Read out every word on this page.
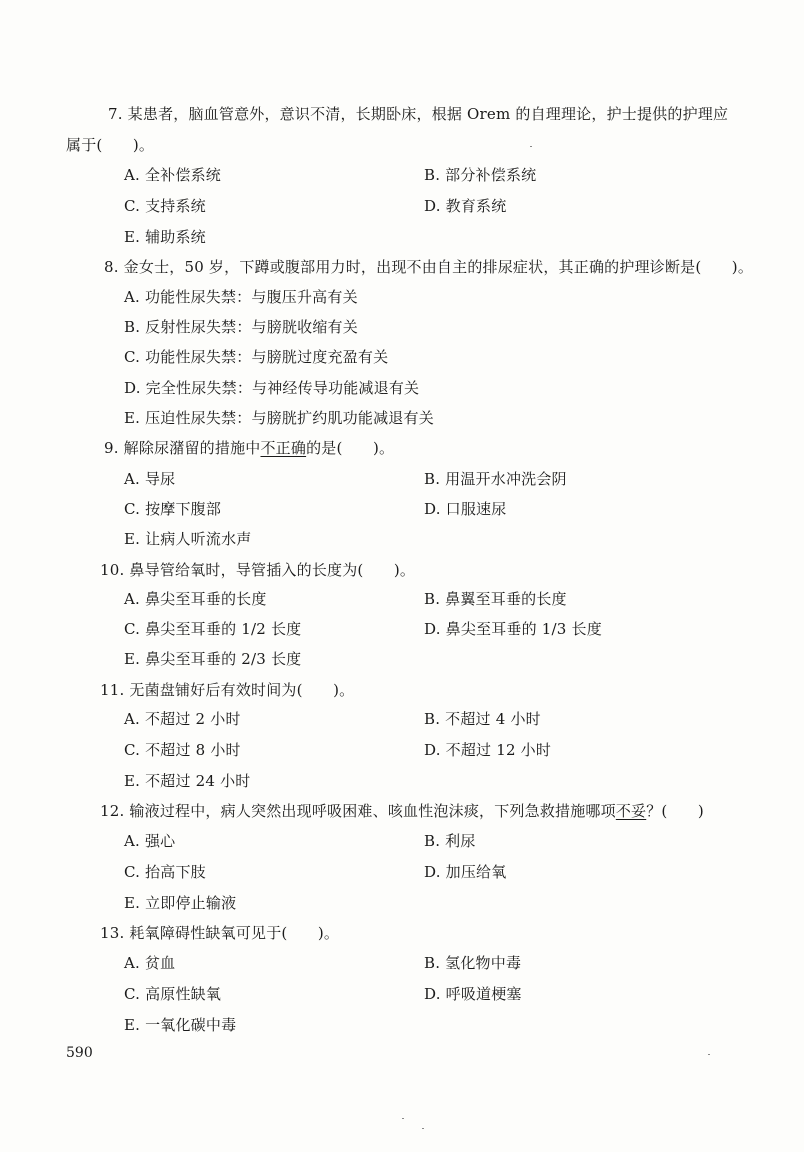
7. 某患者，脑血管意外，意识不清，长期卧床，根据 Orem 的自理理论，护士提供的护理应
属于(　　)。
A. 全补偿系统	B. 部分补偿系统
C. 支持系统	D. 教育系统
E. 辅助系统
8. 金女士，50 岁，下蹲或腹部用力时，出现不由自主的排尿症状，其正确的护理诊断是(　　)。
A. 功能性尿失禁：与腹压升高有关
B. 反射性尿失禁：与膀胱收缩有关
C. 功能性尿失禁：与膀胱过度充盈有关
D. 完全性尿失禁：与神经传导功能减退有关
E. 压迫性尿失禁：与膀胱扩约肌功能减退有关
9. 解除尿潴留的措施中不正确的是(　　)。
A. 导尿	B. 用温开水冲洗会阴
C. 按摩下腹部	D. 口服速尿
E. 让病人听流水声
10. 鼻导管给氧时，导管插入的长度为(　　)。
A. 鼻尖至耳垂的长度	B. 鼻翼至耳垂的长度
C. 鼻尖至耳垂的 1/2 长度	D. 鼻尖至耳垂的 1/3 长度
E. 鼻尖至耳垂的 2/3 长度
11. 无菌盘铺好后有效时间为(　　)。
A. 不超过 2 小时	B. 不超过 4 小时
C. 不超过 8 小时	D. 不超过 12 小时
E. 不超过 24 小时
12. 输液过程中，病人突然出现呼吸困难、咳血性泡沫痰，下列急救措施哪项不妥？(　　)
A. 强心	B. 利尿
C. 抬高下肢	D. 加压给氧
E. 立即停止输液
13. 耗氧障碍性缺氧可见于(　　)。
A. 贫血	B. 氢化物中毒
C. 高原性缺氧	D. 呼吸道梗塞
E. 一氧化碳中毒
590
